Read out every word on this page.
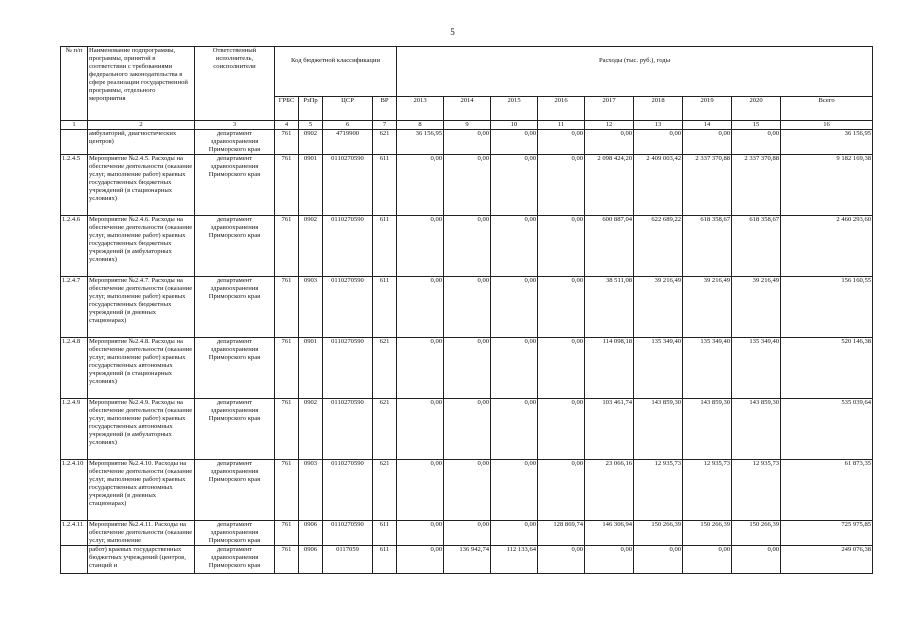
5
№ п/п	Наименование подпрограммы, программы, принятой в соответствии с требованиями федерального законодательства в сфере реализации государственной программы, отдельного мероприятия	Ответственный исполнитель, соисполнители	Код бюджетной классификации				Расходы (тыс. руб.), годы								
			ГРБС	РзПр	ЦСР	ВР	2013	2014	2015	2016	2017	2018	2019	2020	Всего
1	2	3	4	5	6	7	8	9	10	11	12	13	14	15	16
	амбулаторий, диагностических центров)	департамент здравоохранения Приморского края	761	0902	4719900	621	36 156,95	0,00	0,00	0,00	0,00	0,00	0,00	0,00	36 156,95
1.2.4.5	Мероприятие №2.4.5. Расходы на обеспечение деятельности (оказание услуг, выполнение работ) краевых государственных бюджетных учреждений (в стационарных условиях)	департамент здравоохранения Приморского края	761	0901	0110270590	611	0,00	0,00	0,00	0,00	2 098 424,20	2 409 003,42	2 337 370,88	2 337 370,88	9 182 169,38
1.2.4.6	Мероприятие №2.4.6. Расходы на обеспечение деятельности (оказание услуг, выполнение работ) краевых государственных бюджетных учреждений (в амбулаторных условиях)	департамент здравоохранения Приморского края	761	0902	0110270590	611	0,00	0,00	0,00	0,00	600 887,04	622 689,22	618 358,67	618 358,67	2 460 293,60
1.2.4.7	Мероприятие №2.4.7. Расходы на обеспечение деятельности (оказание услуг, выполнение работ) краевых государственных бюджетных учреждений (в дневных стационарах)	департамент здравоохранения Приморского края	761	0903	0110270590	611	0,00	0,00	0,00	0,00	38 511,08	39 216,49	39 216,49	39 216,49	156 160,55
1.2.4.8	Мероприятие №2.4.8. Расходы на обеспечение деятельности (оказание услуг, выполнение работ) краевых государственных автономных учреждений (в стационарных условиях)	департамент здравоохранения Приморского края	761	0901	0110270590	621	0,00	0,00	0,00	0,00	114 098,18	135 349,40	135 349,40	135 349,40	520 146,38
1.2.4.9	Мероприятие №2.4.9. Расходы на обеспечение деятельности (оказание услуг, выполнение работ) краевых государственных автономных учреждений (в амбулаторных условиях)	департамент здравоохранения Приморского края	761	0902	0110270590	621	0,00	0,00	0,00	0,00	103 461,74	143 859,30	143 859,30	143 859,30	535 039,64
1.2.4.10	Мероприятие №2.4.10. Расходы на обеспечение деятельности (оказание услуг, выполнение работ) краевых государственных автономных учреждений (в дневных стационарах)	департамент здравоохранения Приморского края	761	0903	0110270590	621	0,00	0,00	0,00	0,00	23 066,16	12 935,73	12 935,73	12 935,73	61 873,35
1.2.4.11	Мероприятие №2.4.11. Расходы на обеспечение деятельности (оказание услуг, выполнение	департамент здравоохранения Приморского края	761	0906	0110270590	611	0,00	0,00	0,00	128 869,74	146 306,94	150 266,39	150 266,39	150 266,39	725 975,85
	работ) краевых государственных бюджетных учреждений (центров, станций и	департамент здравоохранения Приморского края	761	0906	0117059	611	0,00	136 942,74	112 133,64	0,00	0,00	0,00	0,00	0,00	249 076,38
